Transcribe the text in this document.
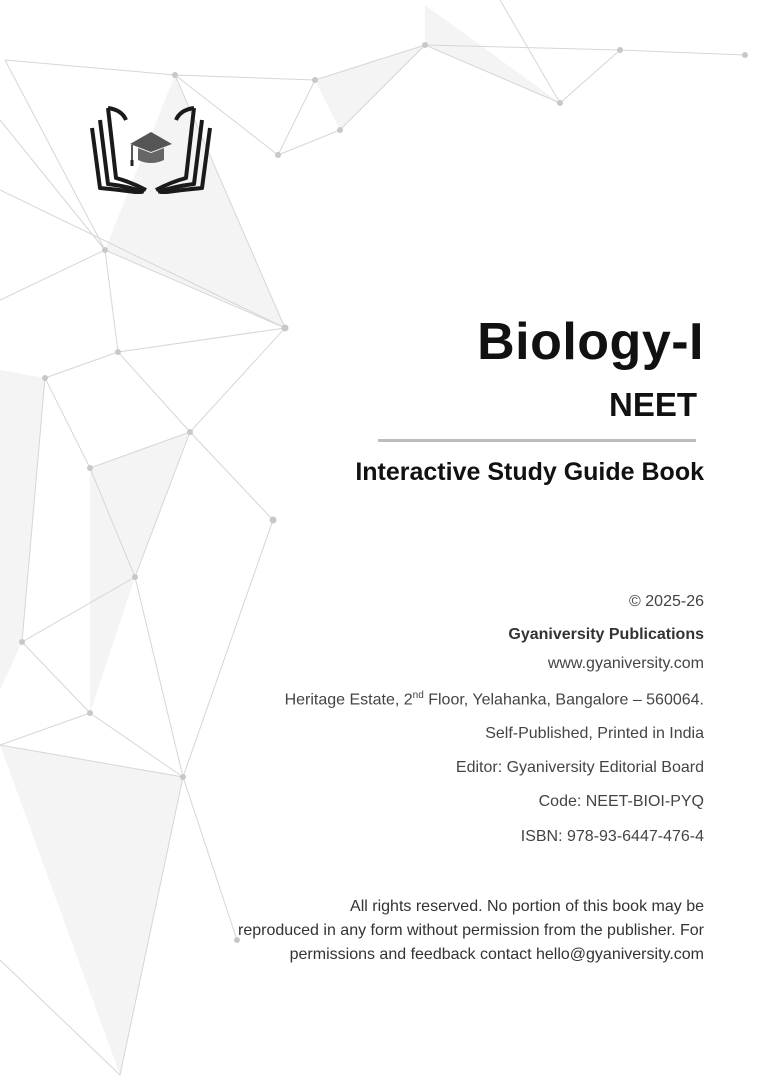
Biology-I
NEET
Interactive Study Guide Book
© 2025-26
Gyaniversity Publications
www.gyaniversity.com
Heritage Estate, 2nd Floor, Yelahanka, Bangalore – 560064.
Self-Published, Printed in India
Editor: Gyaniversity Editorial Board
Code: NEET-BIOI-PYQ
ISBN: 978-93-6447-476-4
All rights reserved. No portion of this book may be
reproduced in any form without permission from the publisher. For
permissions and feedback contact hello@gyaniversity.com
